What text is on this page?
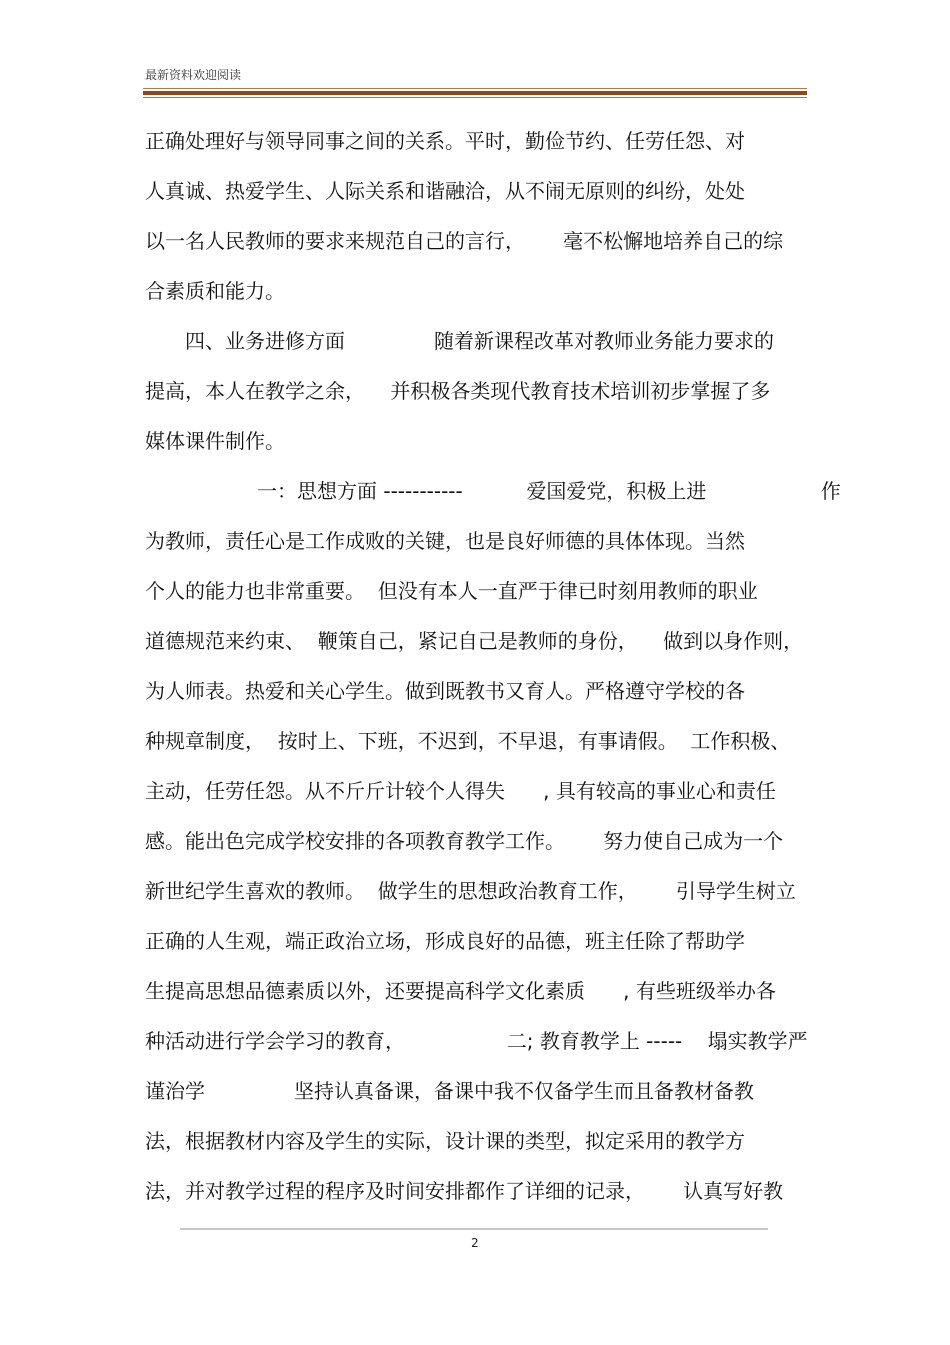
最新资料欢迎阅读
正确处理好与领导同事之间的关系。平时，勤俭节约、任劳任怨、对
人真诚、热爱学生、人际关系和谐融洽，从不闹无原则的纠纷，处处
以一名人民教师的要求来规范自己的言行，      毫不松懈地培养自己的综
合素质和能力。
四、业务进修方面              随着新课程改革对教师业务能力要求的
提高，本人在教学之余，    并积极各类现代教育技术培训初步掌握了多
媒体课件制作。
一：思想方面 -----------          爱国爱党，积极上进                  作
为教师，责任心是工作成败的关键，也是良好师德的具体体现。当然
个人的能力也非常重要。  但没有本人一直严于律已时刻用教师的职业
道德规范来约束、  鞭策自己，紧记自己是教师的身份，    做到以身作则，
为人师表。热爱和关心学生。做到既教书又育人。严格遵守学校的各
种规章制度，  按时上、下班，不迟到，不早退，有事请假。  工作积极、
主动，任劳任怨。从不斤斤计较个人得失      , 具有较高的事业心和责任
感。能出色完成学校安排的各项教育教学工作。      努力使自己成为一个
新世纪学生喜欢的教师。  做学生的思想政治教育工作，      引导学生树立
正确的人生观，端正政治立场，形成良好的品德，班主任除了帮助学
生提高思想品德素质以外，还要提高科学文化素质      , 有些班级举办各
种活动进行学会学习的教育，                二; 教育教学上 -----    塌实教学严
谨治学              坚持认真备课，备课中我不仅备学生而且备教材备教
法，根据教材内容及学生的实际，设计课的类型，拟定采用的教学方
法，并对教学过程的程序及时间安排都作了详细的记录，      认真写好教
2
